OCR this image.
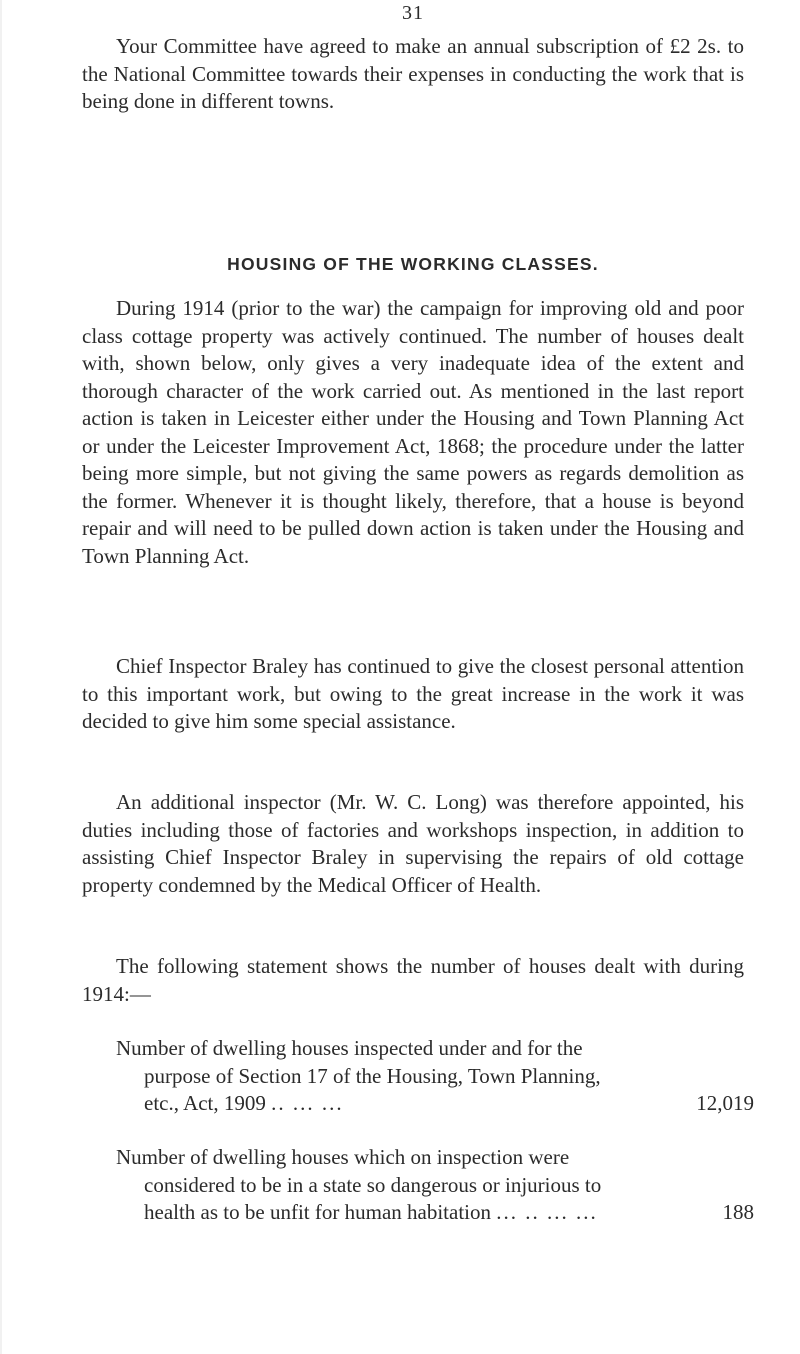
31

Your Committee have agreed to make an annual subscription of £2 2s. to the National Committee towards their expenses in conducting the work that is being done in different towns.

HOUSING OF THE WORKING CLASSES.

During 1914 (prior to the war) the campaign for improving old and poor class cottage property was actively continued. The number of houses dealt with, shown below, only gives a very inadequate idea of the extent and thorough character of the work carried out. As mentioned in the last report action is taken in Leicester either under the Housing and Town Planning Act or under the Leicester Improvement Act, 1868; the procedure under the latter being more simple, but not giving the same powers as regards demolition as the former. Whenever it is thought likely, therefore, that a house is beyond repair and will need to be pulled down action is taken under the Housing and Town Planning Act.

Chief Inspector Braley has continued to give the closest personal attention to this important work, but owing to the great increase in the work it was decided to give him some special assistance.

An additional inspector (Mr. W. C. Long) was therefore appointed, his duties including those of factories and workshops inspection, in addition to assisting Chief Inspector Braley in supervising the repairs of old cottage property condemned by the Medical Officer of Health.

The following statement shows the number of houses dealt with during 1914:—

Number of dwelling houses inspected under and for the purpose of Section 17 of the Housing, Town Planning, etc., Act, 1909 .. ... ...	12,019
Number of dwelling houses which on inspection were considered to be in a state so dangerous or injurious to health as to be unfit for human habitation ... .. ... ...	188
